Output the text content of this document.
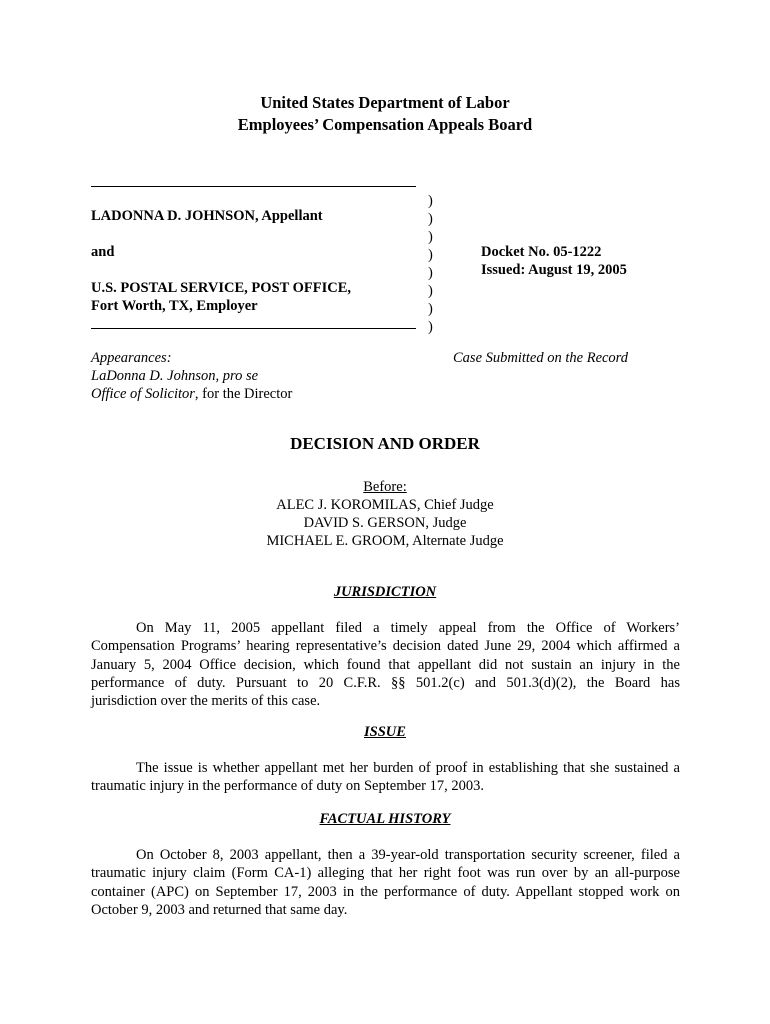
United States Department of Labor
Employees’ Compensation Appeals Board
LADONNA D. JOHNSON, Appellant
and
U.S. POSTAL SERVICE, POST OFFICE,
Fort Worth, TX, Employer
)
)
)
)
)
)
)
)
Docket No. 05-1222
Issued: August 19, 2005
Appearances:
LaDonna D. Johnson, pro se
Office of Solicitor, for the Director
Case Submitted on the Record
DECISION AND ORDER
Before:
ALEC J. KOROMILAS, Chief Judge
DAVID S. GERSON, Judge
MICHAEL E. GROOM, Alternate Judge
JURISDICTION
On May 11, 2005 appellant filed a timely appeal from the Office of Workers’
Compensation Programs’ hearing representative’s decision dated June 29, 2004 which affirmed a
January 5, 2004 Office decision, which found that appellant did not sustain an injury in the
performance of duty. Pursuant to 20 C.F.R. §§ 501.2(c) and 501.3(d)(2), the Board has
jurisdiction over the merits of this case.
ISSUE
The issue is whether appellant met her burden of proof in establishing that she sustained a
traumatic injury in the performance of duty on September 17, 2003.
FACTUAL HISTORY
On October 8, 2003 appellant, then a 39-year-old transportation security screener, filed a
traumatic injury claim (Form CA-1) alleging that her right foot was run over by an all-purpose
container (APC) on September 17, 2003 in the performance of duty. Appellant stopped work on
October 9, 2003 and returned that same day.
